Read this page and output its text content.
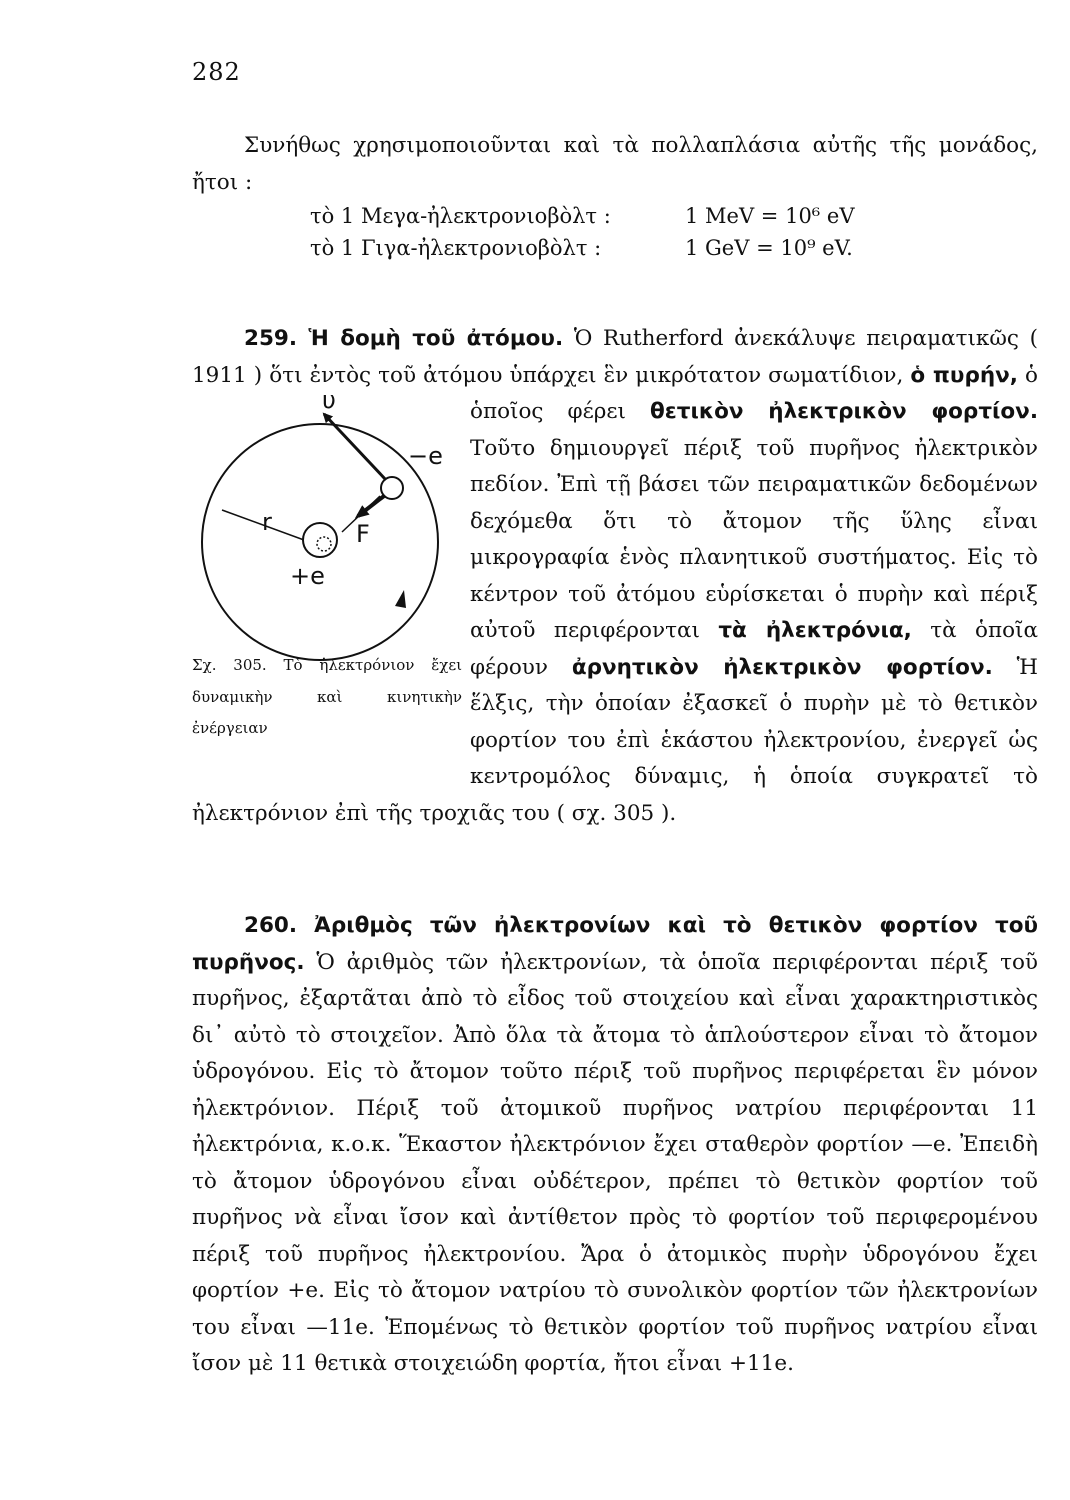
282

Συνήθως χρησιμοποιοῦνται καὶ τὰ πολλαπλάσια αὐτῆς τῆς μονάδος, ἤτοι :

τὸ 1 Μεγα-ἠλεκτρονιοβὸλτ :	1 MeV = 10⁶ eV
τὸ 1 Γιγα-ἠλεκτρονιοβὸλτ :	1 GeV = 10⁹ eV.
259. Ἡ δομὴ τοῦ ἀτόμου. Ὁ Rutherford ἀνεκάλυψε πειραματικῶς ( 1911 ) ὅτι ἐντὸς τοῦ ἀτόμου ὑπάρχει ἓν μικρότατον σωματίδιον, ὁ πυρήν, ὁ ὁποῖος φέρει θετικὸν ἠλεκτρικὸν φορτίον. Τοῦτο δημιουργεῖ πέριξ τοῦ πυρῆνος ἠλεκτρικὸν πεδίον. Ἐπὶ τῇ βάσει τῶν πειραματικῶν δεδομένων δεχόμεθα ὅτι τὸ ἄτομον τῆς ὕλης εἶναι μικρογραφία ἑνὸς πλανητικοῦ συστήματος. Εἰς τὸ κέντρον τοῦ ἀτόμου εὑρίσκεται ὁ πυρὴν καὶ πέριξ αὐτοῦ περιφέρονται τὰ ἠλεκτρόνια, τὰ ὁποῖα φέρουν ἀρνητικὸν ἠλεκτρικὸν φορτίον. Ἡ ἕλξις, τὴν ὁποίαν ἐξασκεῖ ὁ πυρὴν μὲ τὸ θετικὸν φορτίον του ἐπὶ ἑκάστου ἠλεκτρονίου, ἐνεργεῖ ὡς κεντρομόλος δύναμις, ἡ ὁποία συγκρατεῖ τὸ ἠλεκτρόνιον ἐπὶ τῆς τροχιᾶς του ( σχ. 305 ).
υ
−e
r	F
+e

Σχ. 305. Τὸ ἠλεκτρόνιον ἔχει δυναμικὴν καὶ κινητικὴν ἐνέργειαν

260. Ἀριθμὸς τῶν ἠλεκτρονίων καὶ τὸ θετικὸν φορτίον τοῦ πυρῆνος. Ὁ ἀριθμὸς τῶν ἠλεκτρονίων, τὰ ὁποῖα περιφέρονται πέριξ τοῦ πυρῆνος, ἐξαρτᾶται ἀπὸ τὸ εἶδος τοῦ στοιχείου καὶ εἶναι χαρακτηριστικὸς δι᾽ αὐτὸ τὸ στοιχεῖον. Ἀπὸ ὅλα τὰ ἄτομα τὸ ἁπλούστερον εἶναι τὸ ἄτομον ὑδρογόνου. Εἰς τὸ ἄτομον τοῦτο πέριξ τοῦ πυρῆνος περιφέρεται ἓν μόνον ἠλεκτρόνιον. Πέριξ τοῦ ἀτομικοῦ πυρῆνος νατρίου περιφέρονται 11 ἠλεκτρόνια, κ.ο.κ. Ἕκαστον ἠλεκτρόνιον ἔχει σταθερὸν φορτίον —e. Ἐπειδὴ τὸ ἄτομον ὑδρογόνου εἶναι οὐδέτερον, πρέπει τὸ θετικὸν φορτίον τοῦ πυρῆνος νὰ εἶναι ἴσον καὶ ἀντίθετον πρὸς τὸ φορτίον τοῦ περιφερομένου πέριξ τοῦ πυρῆνος ἠλεκτρονίου. Ἄρα ὁ ἀτομικὸς πυρὴν ὑδρογόνου ἔχει φορτίον +e. Εἰς τὸ ἄτομον νατρίου τὸ συνολικὸν φορτίον τῶν ἠλεκτρονίων του εἶναι —11e. Ἑπομένως τὸ θετικὸν φορτίον τοῦ πυρῆνος νατρίου εἶναι ἴσον μὲ 11 θετικὰ στοιχειώδη φορτία, ἤτοι εἶναι +11e.
